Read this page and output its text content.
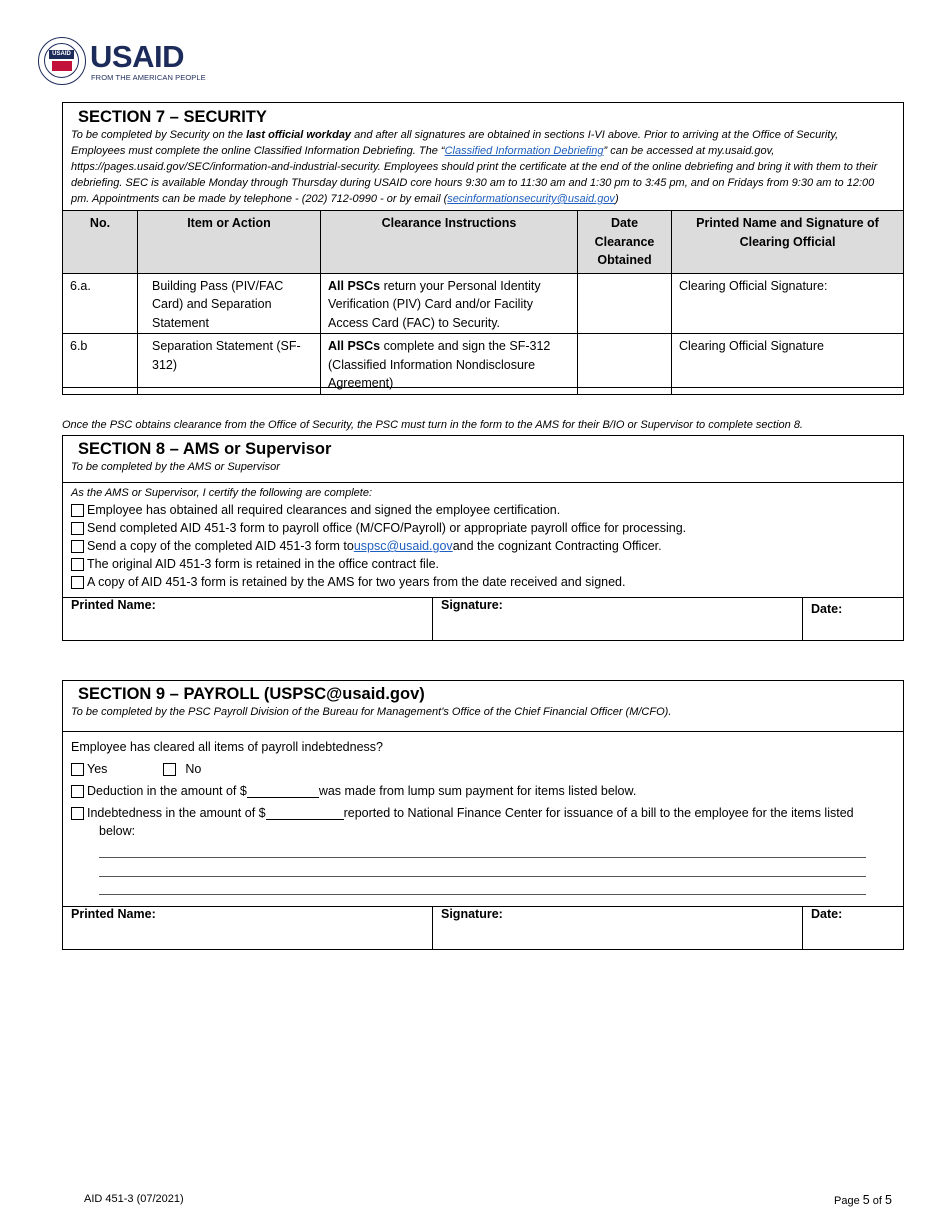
USAID USAID
FROM THE AMERICAN PEOPLE

SECTION 7 – SECURITY

To be completed by Security on the last official workday and after all signatures are obtained in sections I-VI above. Prior to arriving at the Office of Security, Employees must complete the online Classified Information Debriefing. The “Classified Information Debriefing” can be accessed at my.usaid.gov, https://pages.usaid.gov/SEC/information-and-industrial-security. Employees should print the certificate at the end of the online debriefing and bring it with them to their debriefing. SEC is available Monday through Thursday during USAID core hours 9:30 am to 11:30 am and 1:30 pm to 3:45 pm, and on Fridays from 9:30 am to 12:00 pm. Appointments can be made by telephone - (202) 712-0990 - or by email (secinformationsecurity@usaid.gov)
No.	Item or Action	Clearance Instructions	Date Clearance Obtained	Printed Name and Signature of Clearing Official
6.a.	Building Pass (PIV/FAC Card) and Separation Statement	All PSCs return your Personal Identity Verification (PIV) Card and/or Facility Access Card (FAC) to Security.		Clearing Official Signature:
6.b	Separation Statement (SF-312)	All PSCs complete and sign the SF-312 (Classified Information Nondisclosure Agreement)		Clearing Official Signature
Once the PSC obtains clearance from the Office of Security, the PSC must turn in the form to the AMS for their B/IO or Supervisor to complete section 8.

SECTION 8 – AMS or Supervisor

To be completed by the AMS or Supervisor
As the AMS or Supervisor, I certify the following are complete:
Employee has obtained all required clearances and signed the employee certification.
Send completed AID 451-3 form to payroll office (M/CFO/Payroll) or appropriate payroll office for processing.
Send a copy of the completed AID 451-3 form to uspsc@usaid.gov and the cognizant Contracting Officer.
The original AID 451-3 form is retained in the office contract file.
A copy of AID 451-3 form is retained by the AMS for two years from the date received and signed.
Printed Name:	Signature:	Date:

SECTION 9 – PAYROLL (USPSC@usaid.gov)

To be completed by the PSC Payroll Division of the Bureau for Management’s Office of the Chief Financial Officer (M/CFO).
Employee has cleared all items of payroll indebtedness?
Yes	No
Deduction in the amount of $	was made from lump sum payment for items listed below.
Indebtedness in the amount of $	reported to National Finance Center for issuance of a bill to the employee for the items listed
below:
Printed Name:	Signature:	Date:
AID 451-3 (07/2021)	Page 5 of 5
